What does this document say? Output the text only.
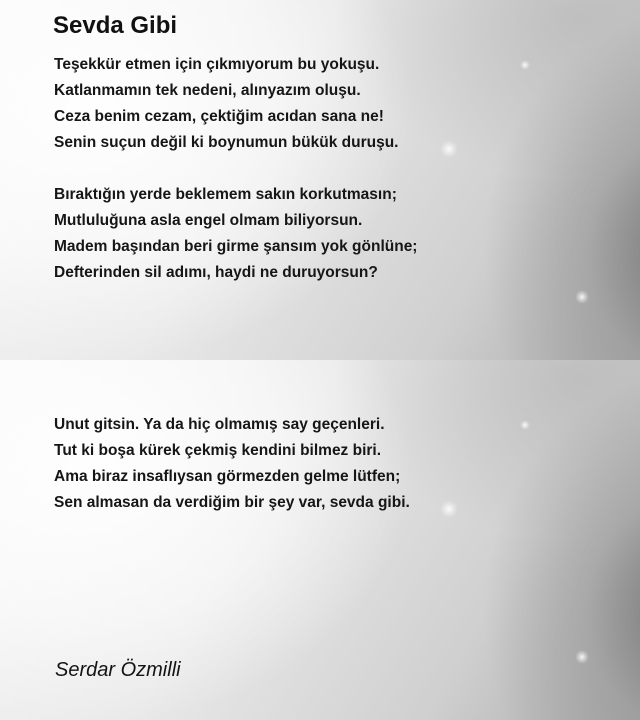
Sevda Gibi
Teşekkür etmen için çıkmıyorum bu yokuşu.
Katlanmamın tek nedeni, alınyazım oluşu.
Ceza benim cezam, çektiğim acıdan sana ne!
Senin suçun değil ki boynumun bükük duruşu.
Bıraktığın yerde beklemem sakın korkutmasın;
Mutluluğuna asla engel olmam biliyorsun.
Madem başından beri girme şansım yok gönlüne;
Defterinden sil adımı, haydi ne duruyorsun?
Unut gitsin. Ya da hiç olmamış say geçenleri.
Tut ki boşa kürek çekmiş kendini bilmez biri.
Ama biraz insaflıysan görmezden gelme lütfen;
Sen almasan da verdiğim bir şey var, sevda gibi.
Serdar Özmilli
